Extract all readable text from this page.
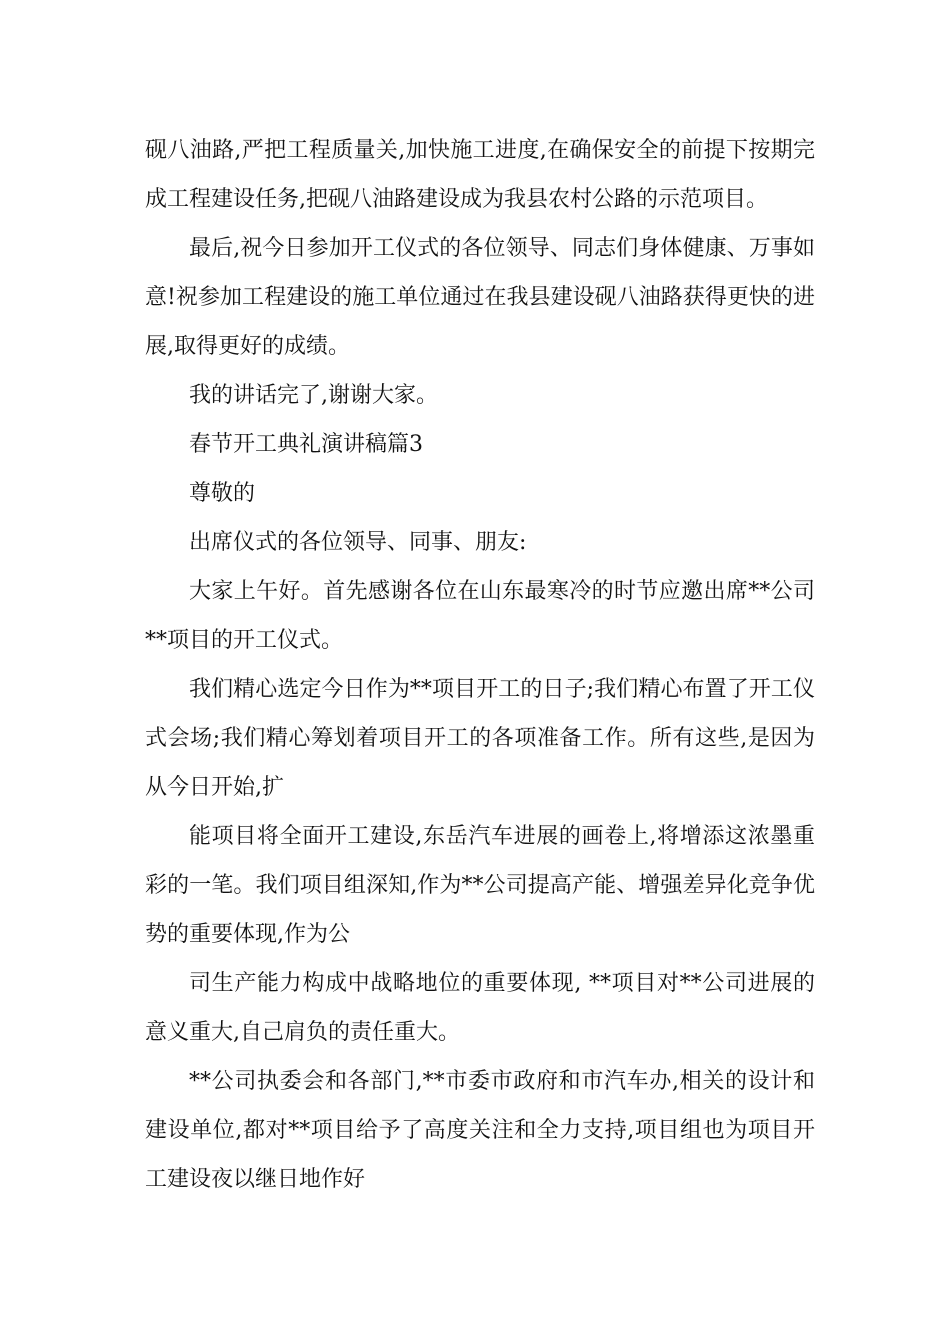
砚八油路,严把工程质量关,加快施工进度,在确保安全的前提下按期完成工程建设任务,把砚八油路建设成为我县农村公路的示范项目。

最后,祝今日参加开工仪式的各位领导、同志们身体健康、万事如意!祝参加工程建设的施工单位通过在我县建设砚八油路获得更快的进展,取得更好的成绩。

我的讲话完了,谢谢大家。

春节开工典礼演讲稿篇3

尊敬的

出席仪式的各位领导、同事、朋友:

大家上午好。首先感谢各位在山东最寒冷的时节应邀出席**公司**项目的开工仪式。

我们精心选定今日作为**项目开工的日子;我们精心布置了开工仪式会场;我们精心筹划着项目开工的各项准备工作。所有这些,是因为从今日开始,扩

能项目将全面开工建设,东岳汽车进展的画卷上,将增添这浓墨重彩的一笔。我们项目组深知,作为**公司提高产能、增强差异化竞争优势的重要体现,作为公

司生产能力构成中战略地位的重要体现, **项目对**公司进展的意义重大,自己肩负的责任重大。

**公司执委会和各部门,**市委市政府和市汽车办,相关的设计和建设单位,都对**项目给予了高度关注和全力支持,项目组也为项目开工建设夜以继日地作好
